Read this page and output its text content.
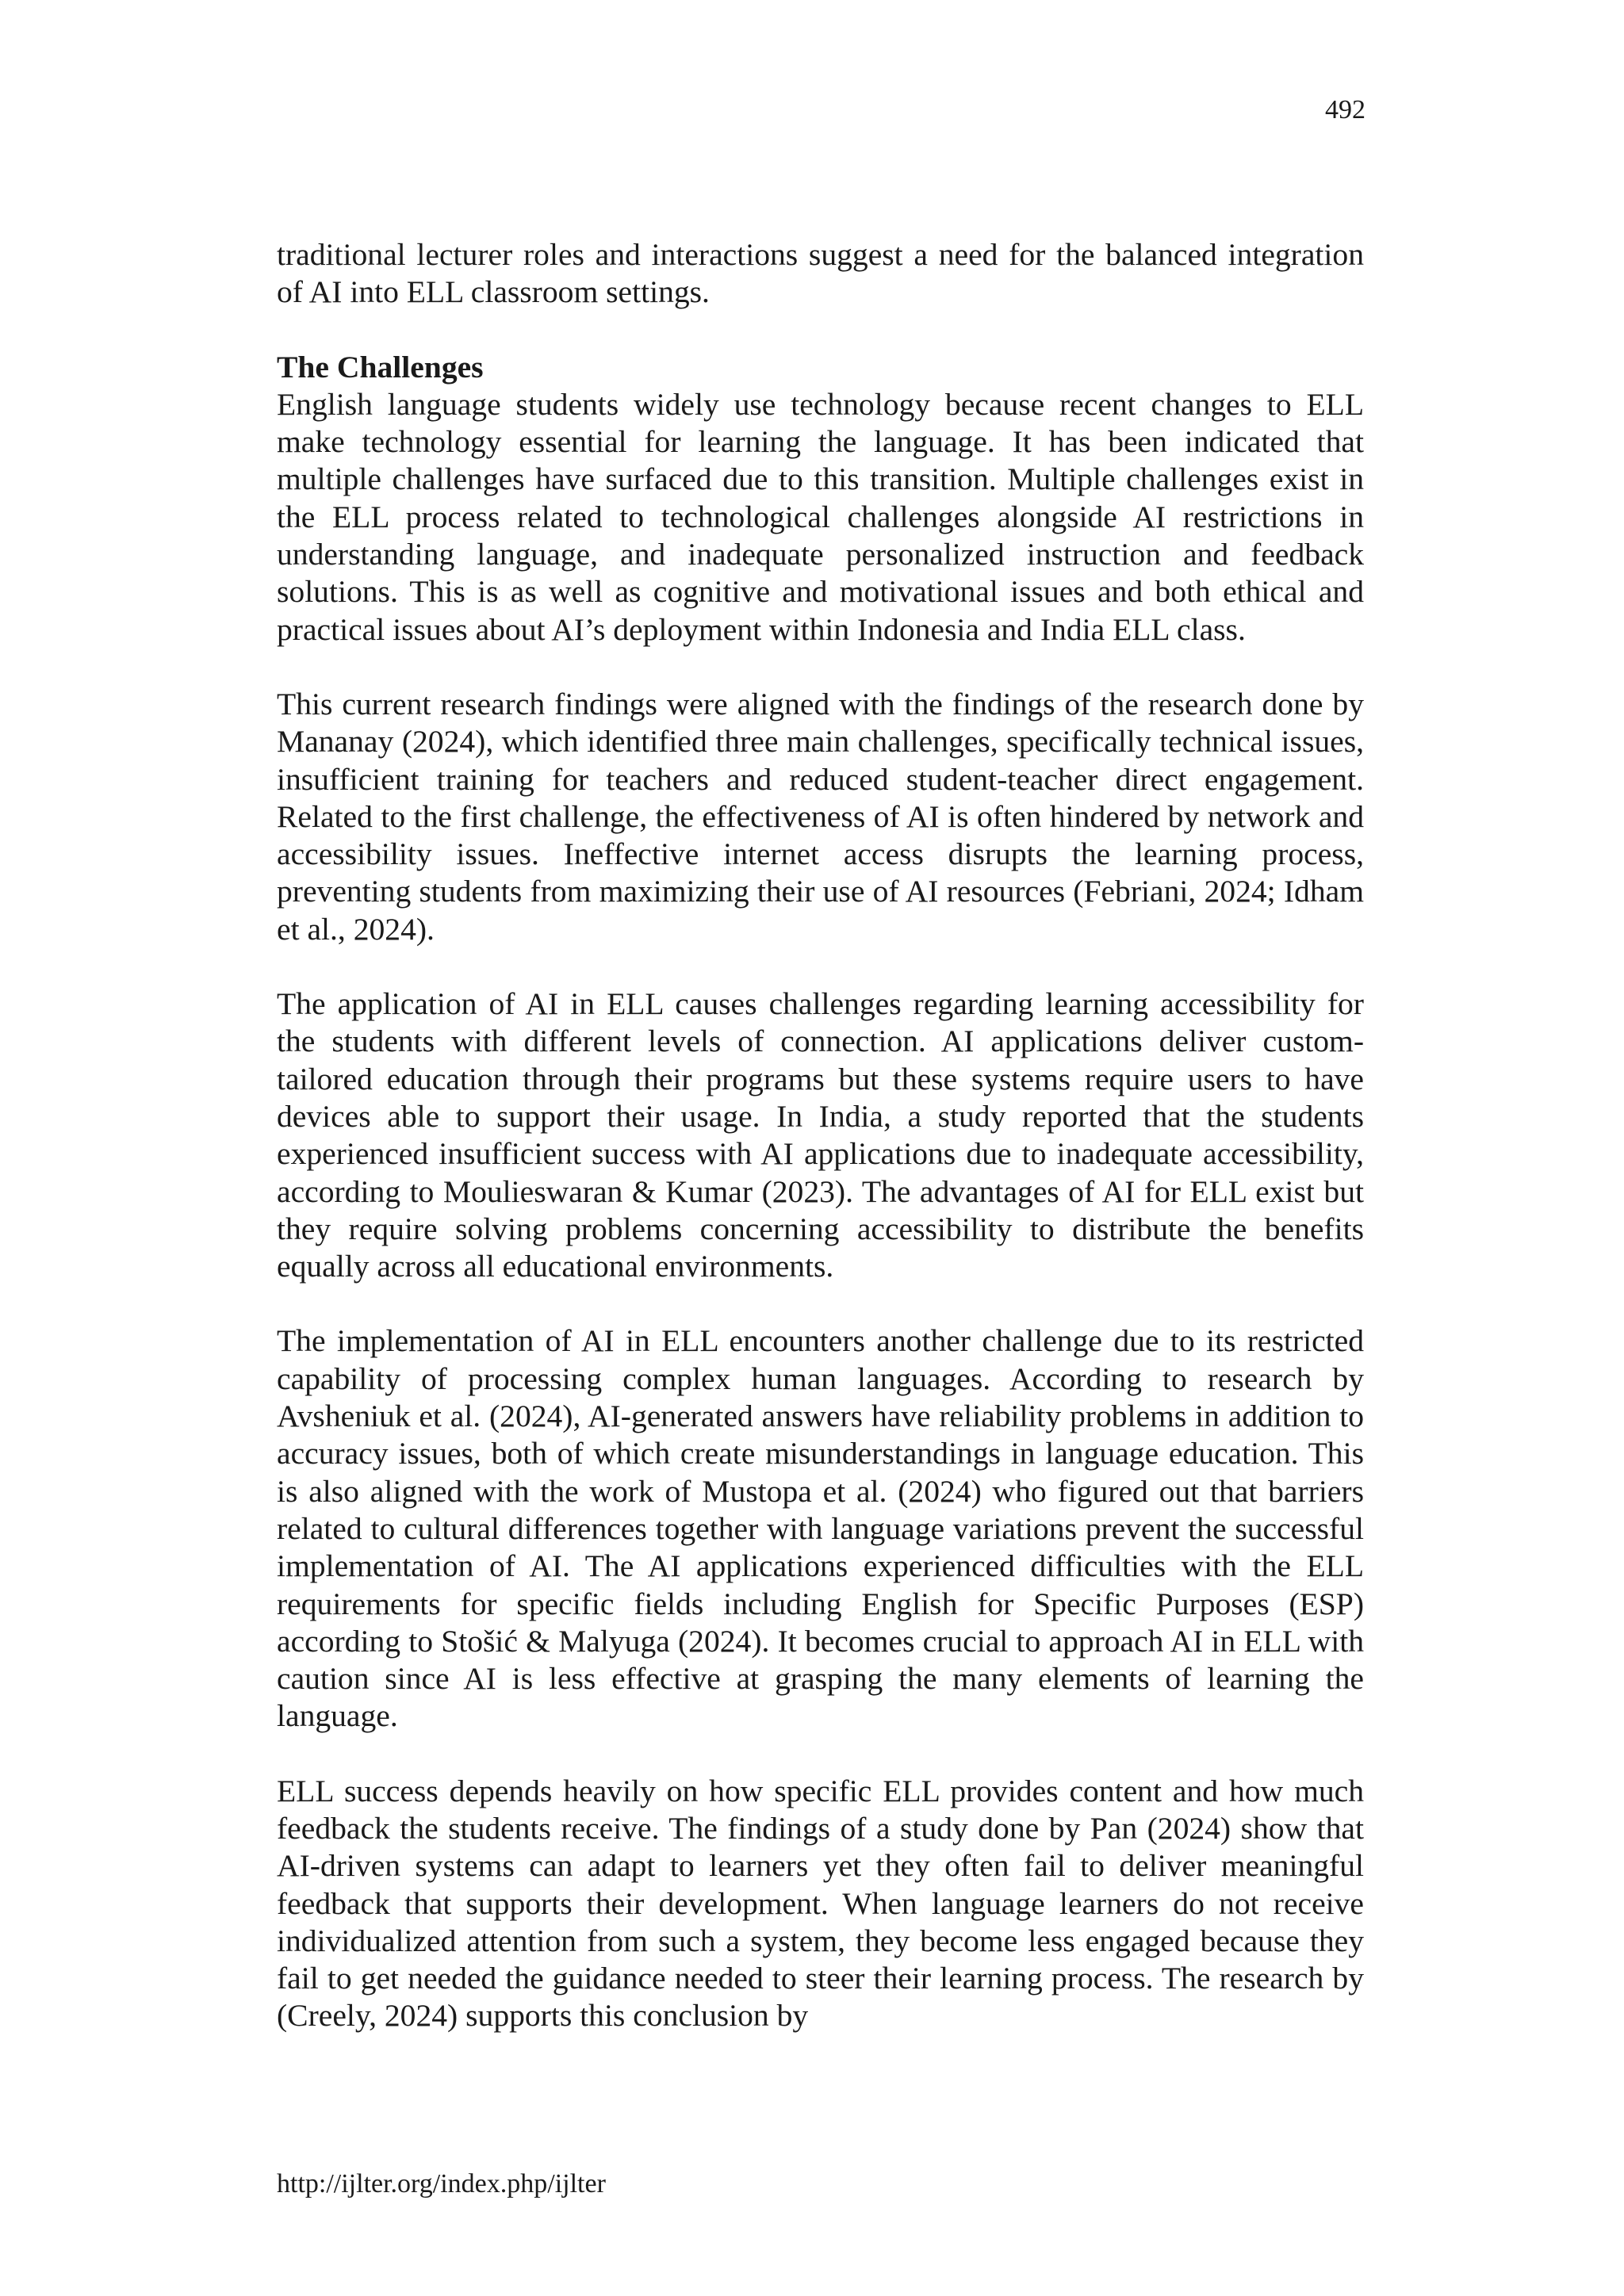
492

traditional lecturer roles and interactions suggest a need for the balanced integration of AI into ELL classroom settings.

The Challenges

English language students widely use technology because recent changes to ELL make technology essential for learning the language. It has been indicated that multiple challenges have surfaced due to this transition. Multiple challenges exist in the ELL process related to technological challenges alongside AI restrictions in understanding language, and inadequate personalized instruction and feedback solutions. This is as well as cognitive and motivational issues and both ethical and practical issues about AI’s deployment within Indonesia and India ELL class.

This current research findings were aligned with the findings of the research done by Mananay (2024), which identified three main challenges, specifically technical issues, insufficient training for teachers and reduced student-teacher direct engagement. Related to the first challenge, the effectiveness of AI is often hindered by network and accessibility issues. Ineffective internet access disrupts the learning process, preventing students from maximizing their use of AI resources (Febriani, 2024; Idham et al., 2024).

The application of AI in ELL causes challenges regarding learning accessibility for the students with different levels of connection. AI applications deliver custom-tailored education through their programs but these systems require users to have devices able to support their usage. In India, a study reported that the students experienced insufficient success with AI applications due to inadequate accessibility, according to Moulieswaran & Kumar (2023). The advantages of AI for ELL exist but they require solving problems concerning accessibility to distribute the benefits equally across all educational environments.

The implementation of AI in ELL encounters another challenge due to its restricted capability of processing complex human languages. According to research by Avsheniuk et al. (2024), AI-generated answers have reliability problems in addition to accuracy issues, both of which create misunderstandings in language education. This is also aligned with the work of Mustopa et al. (2024) who figured out that barriers related to cultural differences together with language variations prevent the successful implementation of AI. The AI applications experienced difficulties with the ELL requirements for specific fields including English for Specific Purposes (ESP) according to Stošić & Malyuga (2024). It becomes crucial to approach AI in ELL with caution since AI is less effective at grasping the many elements of learning the language.

ELL success depends heavily on how specific ELL provides content and how much feedback the students receive. The findings of a study done by Pan (2024) show that AI-driven systems can adapt to learners yet they often fail to deliver meaningful feedback that supports their development. When language learners do not receive individualized attention from such a system, they become less engaged because they fail to get needed the guidance needed to steer their learning process. The research by (Creely, 2024) supports this conclusion by

http://ijlter.org/index.php/ijlter
